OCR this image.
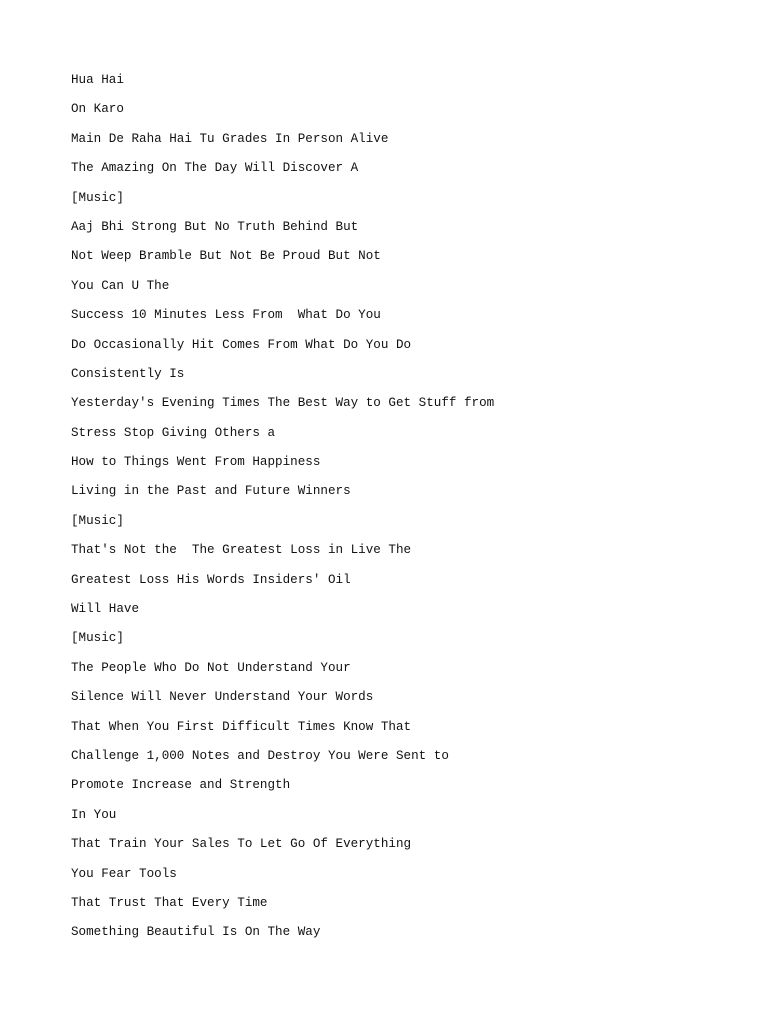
Hua Hai
On Karo
Main De Raha Hai Tu Grades In Person Alive
The Amazing On The Day Will Discover A
[Music]
Aaj Bhi Strong But No Truth Behind But
Not Weep Bramble But Not Be Proud But Not
You Can U The
Success 10 Minutes Less From  What Do You
Do Occasionally Hit Comes From What Do You Do
Consistently Is
Yesterday's Evening Times The Best Way to Get Stuff from
Stress Stop Giving Others a
How to Things Went From Happiness
Living in the Past and Future Winners
[Music]
That's Not the  The Greatest Loss in Live The
Greatest Loss His Words Insiders' Oil
Will Have
[Music]
The People Who Do Not Understand Your
Silence Will Never Understand Your Words
That When You First Difficult Times Know That
Challenge 1,000 Notes and Destroy You Were Sent to
Promote Increase and Strength
In You
That Train Your Sales To Let Go Of Everything
You Fear Tools
That Trust That Every Time
Something Beautiful Is On The Way
